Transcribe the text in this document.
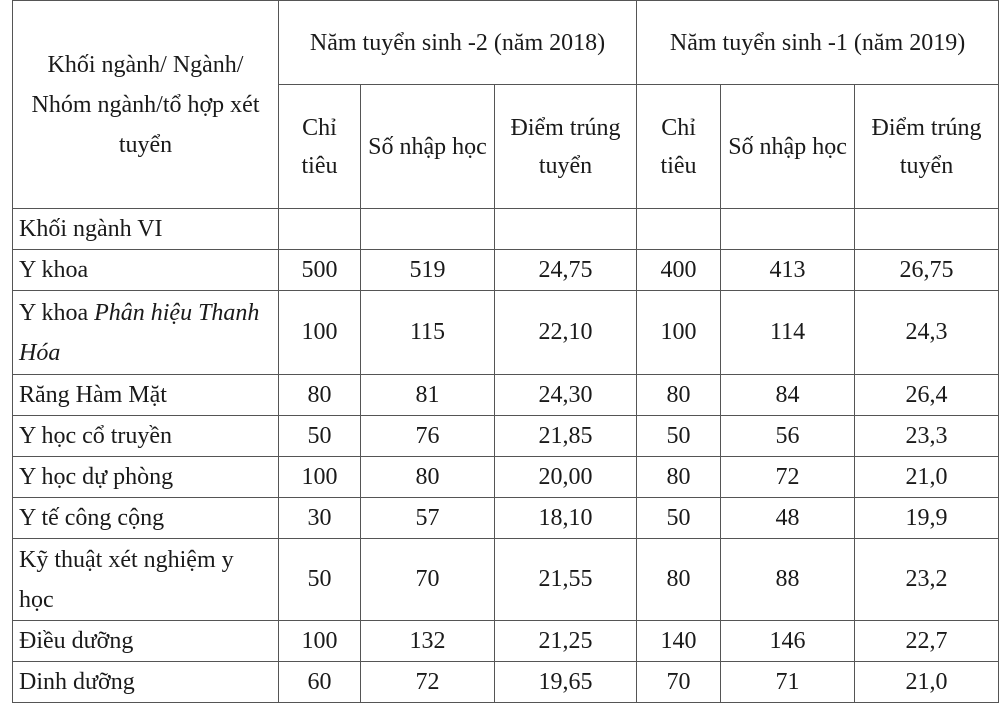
Khối ngành/ Ngành/ Nhóm ngành/tổ hợp xét tuyển	Năm tuyển sinh -2 (năm 2018)			Năm tuyển sinh -1 (năm 2019)		
	Chỉ tiêu	Số nhập học	Điểm trúng tuyển	Chỉ tiêu	Số nhập học	Điểm trúng tuyển
Khối ngành VI						
Y khoa	500	519	24,75	400	413	26,75
Y khoa Phân hiệu Thanh Hóa	100	115	22,10	100	114	24,3
Răng Hàm Mặt	80	81	24,30	80	84	26,4
Y học cổ truyền	50	76	21,85	50	56	23,3
Y học dự phòng	100	80	20,00	80	72	21,0
Y tế công cộng	30	57	18,10	50	48	19,9
Kỹ thuật xét nghiệm y học	50	70	21,55	80	88	23,2
Điều dưỡng	100	132	21,25	140	146	22,7
Dinh dưỡng	60	72	19,65	70	71	21,0
